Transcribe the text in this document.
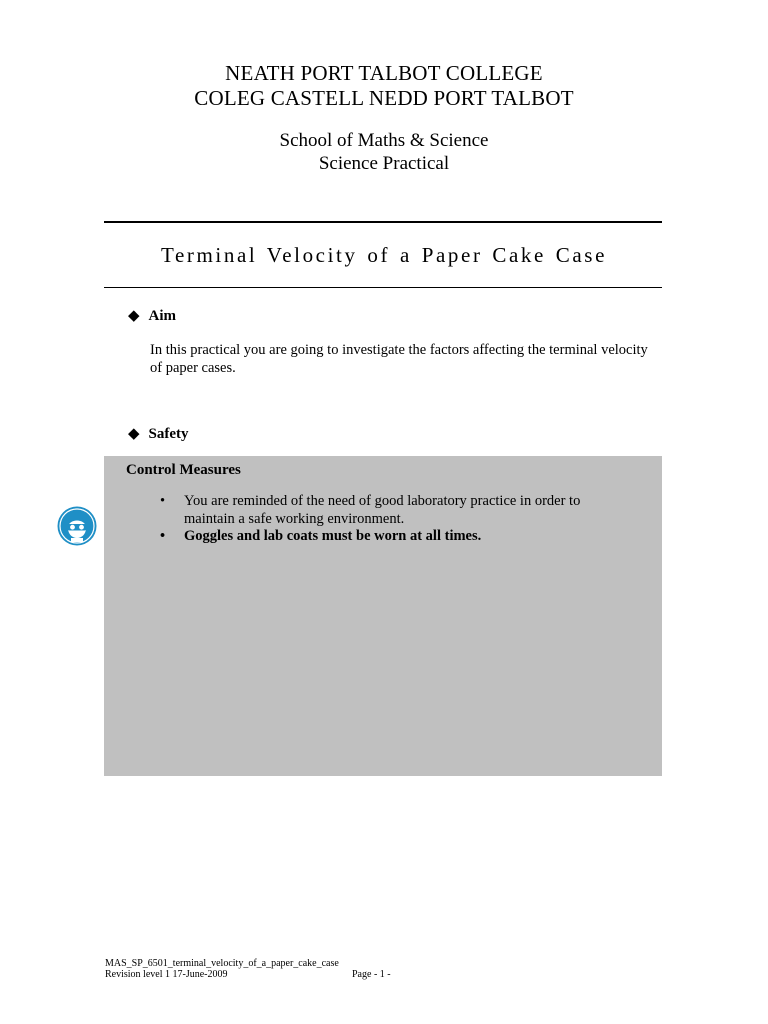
NEATH PORT TALBOT COLLEGE
COLEG CASTELL NEDD PORT TALBOT
School of Maths & Science
Science Practical
Terminal Velocity of a Paper Cake Case
◆ Aim
In this practical you are going to investigate the factors affecting the terminal velocity of paper cases.
◆ Safety
Control Measures
• You are reminded of the need of good laboratory practice in order to maintain a safe working environment.
• Goggles and lab coats must be worn at all times.
MAS_SP_6501_terminal_velocity_of_a_paper_cake_case
Revision level 1 17-June-2009	Page - 1 -
